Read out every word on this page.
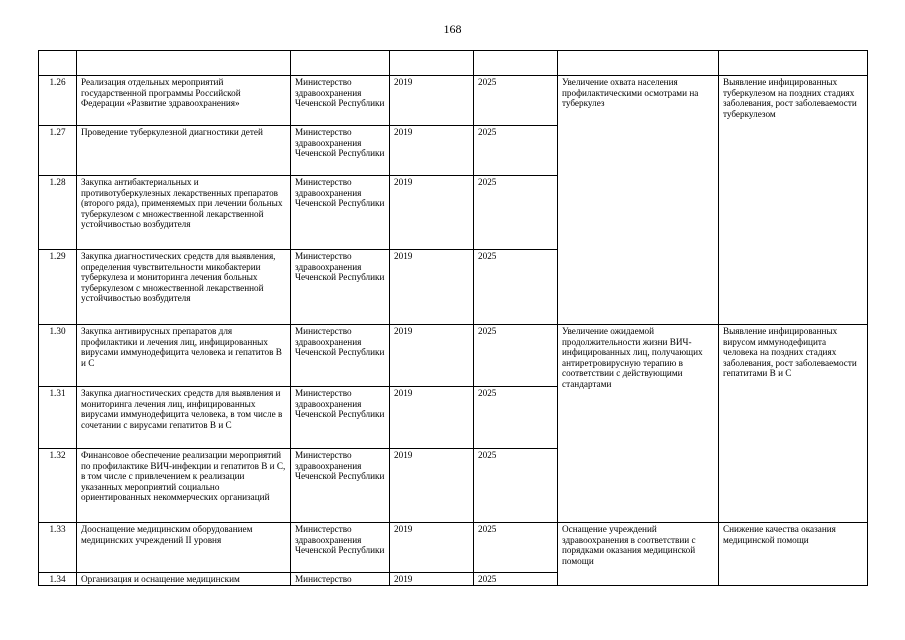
168

1.26	Реализация отдельных мероприятий государственной программы Российской Федерации «Развитие здравоохранения»	Министерство здравоохранения Чеченской Республики	2019	2025	Увеличение охвата населения профилактическими осмотрами на туберкулез	Выявление инфицированных туберкулезом на поздних стадиях заболевания, рост заболеваемости туберкулезом
1.27	Проведение туберкулезной диагностики детей	Министерство здравоохранения Чеченской Республики	2019	2025		
1.28	Закупка антибактериальных и противотуберкулезных лекарственных препаратов (второго ряда), применяемых при лечении больных туберкулезом с множественной лекарственной устойчивостью возбудителя	Министерство здравоохранения Чеченской Республики	2019	2025		
1.29	Закупка диагностических средств для выявления, определения чувствительности микобактерии туберкулеза и мониторинга лечения больных туберкулезом с множественной лекарственной устойчивостью возбудителя	Министерство здравоохранения Чеченской Республики	2019	2025		
1.30	Закупка антивирусных препаратов для профилактики и лечения лиц, инфицированных вирусами иммунодефицита человека и гепатитов B и C	Министерство здравоохранения Чеченской Республики	2019	2025	Увеличение ожидаемой продолжительности жизни ВИЧ-инфицированных лиц, получающих антиретровирусную терапию в соответствии с действующими стандартами	Выявление инфицированных вирусом иммунодефицита человека на поздних стадиях заболевания, рост заболеваемости гепатитами B и C
1.31	Закупка диагностических средств для выявления и мониторинга лечения лиц, инфицированных вирусами иммунодефицита человека, в том числе в сочетании с вирусами гепатитов B и C	Министерство здравоохранения Чеченской Республики	2019	2025		
1.32	Финансовое обеспечение реализации мероприятий по профилактике ВИЧ-инфекции и гепатитов B и C, в том числе с привлечением к реализации указанных мероприятий социально ориентированных некоммерческих организаций	Министерство здравоохранения Чеченской Республики	2019	2025		
1.33	Дооснащение медицинским оборудованием медицинских учреждений II уровня	Министерство здравоохранения Чеченской Республики	2019	2025	Оснащение учреждений здравоохранения в соответствии с порядками оказания медицинской помощи	Снижение качества оказания медицинской помощи
1.34	Организация и оснащение медицинским	Министерство	2019	2025		
